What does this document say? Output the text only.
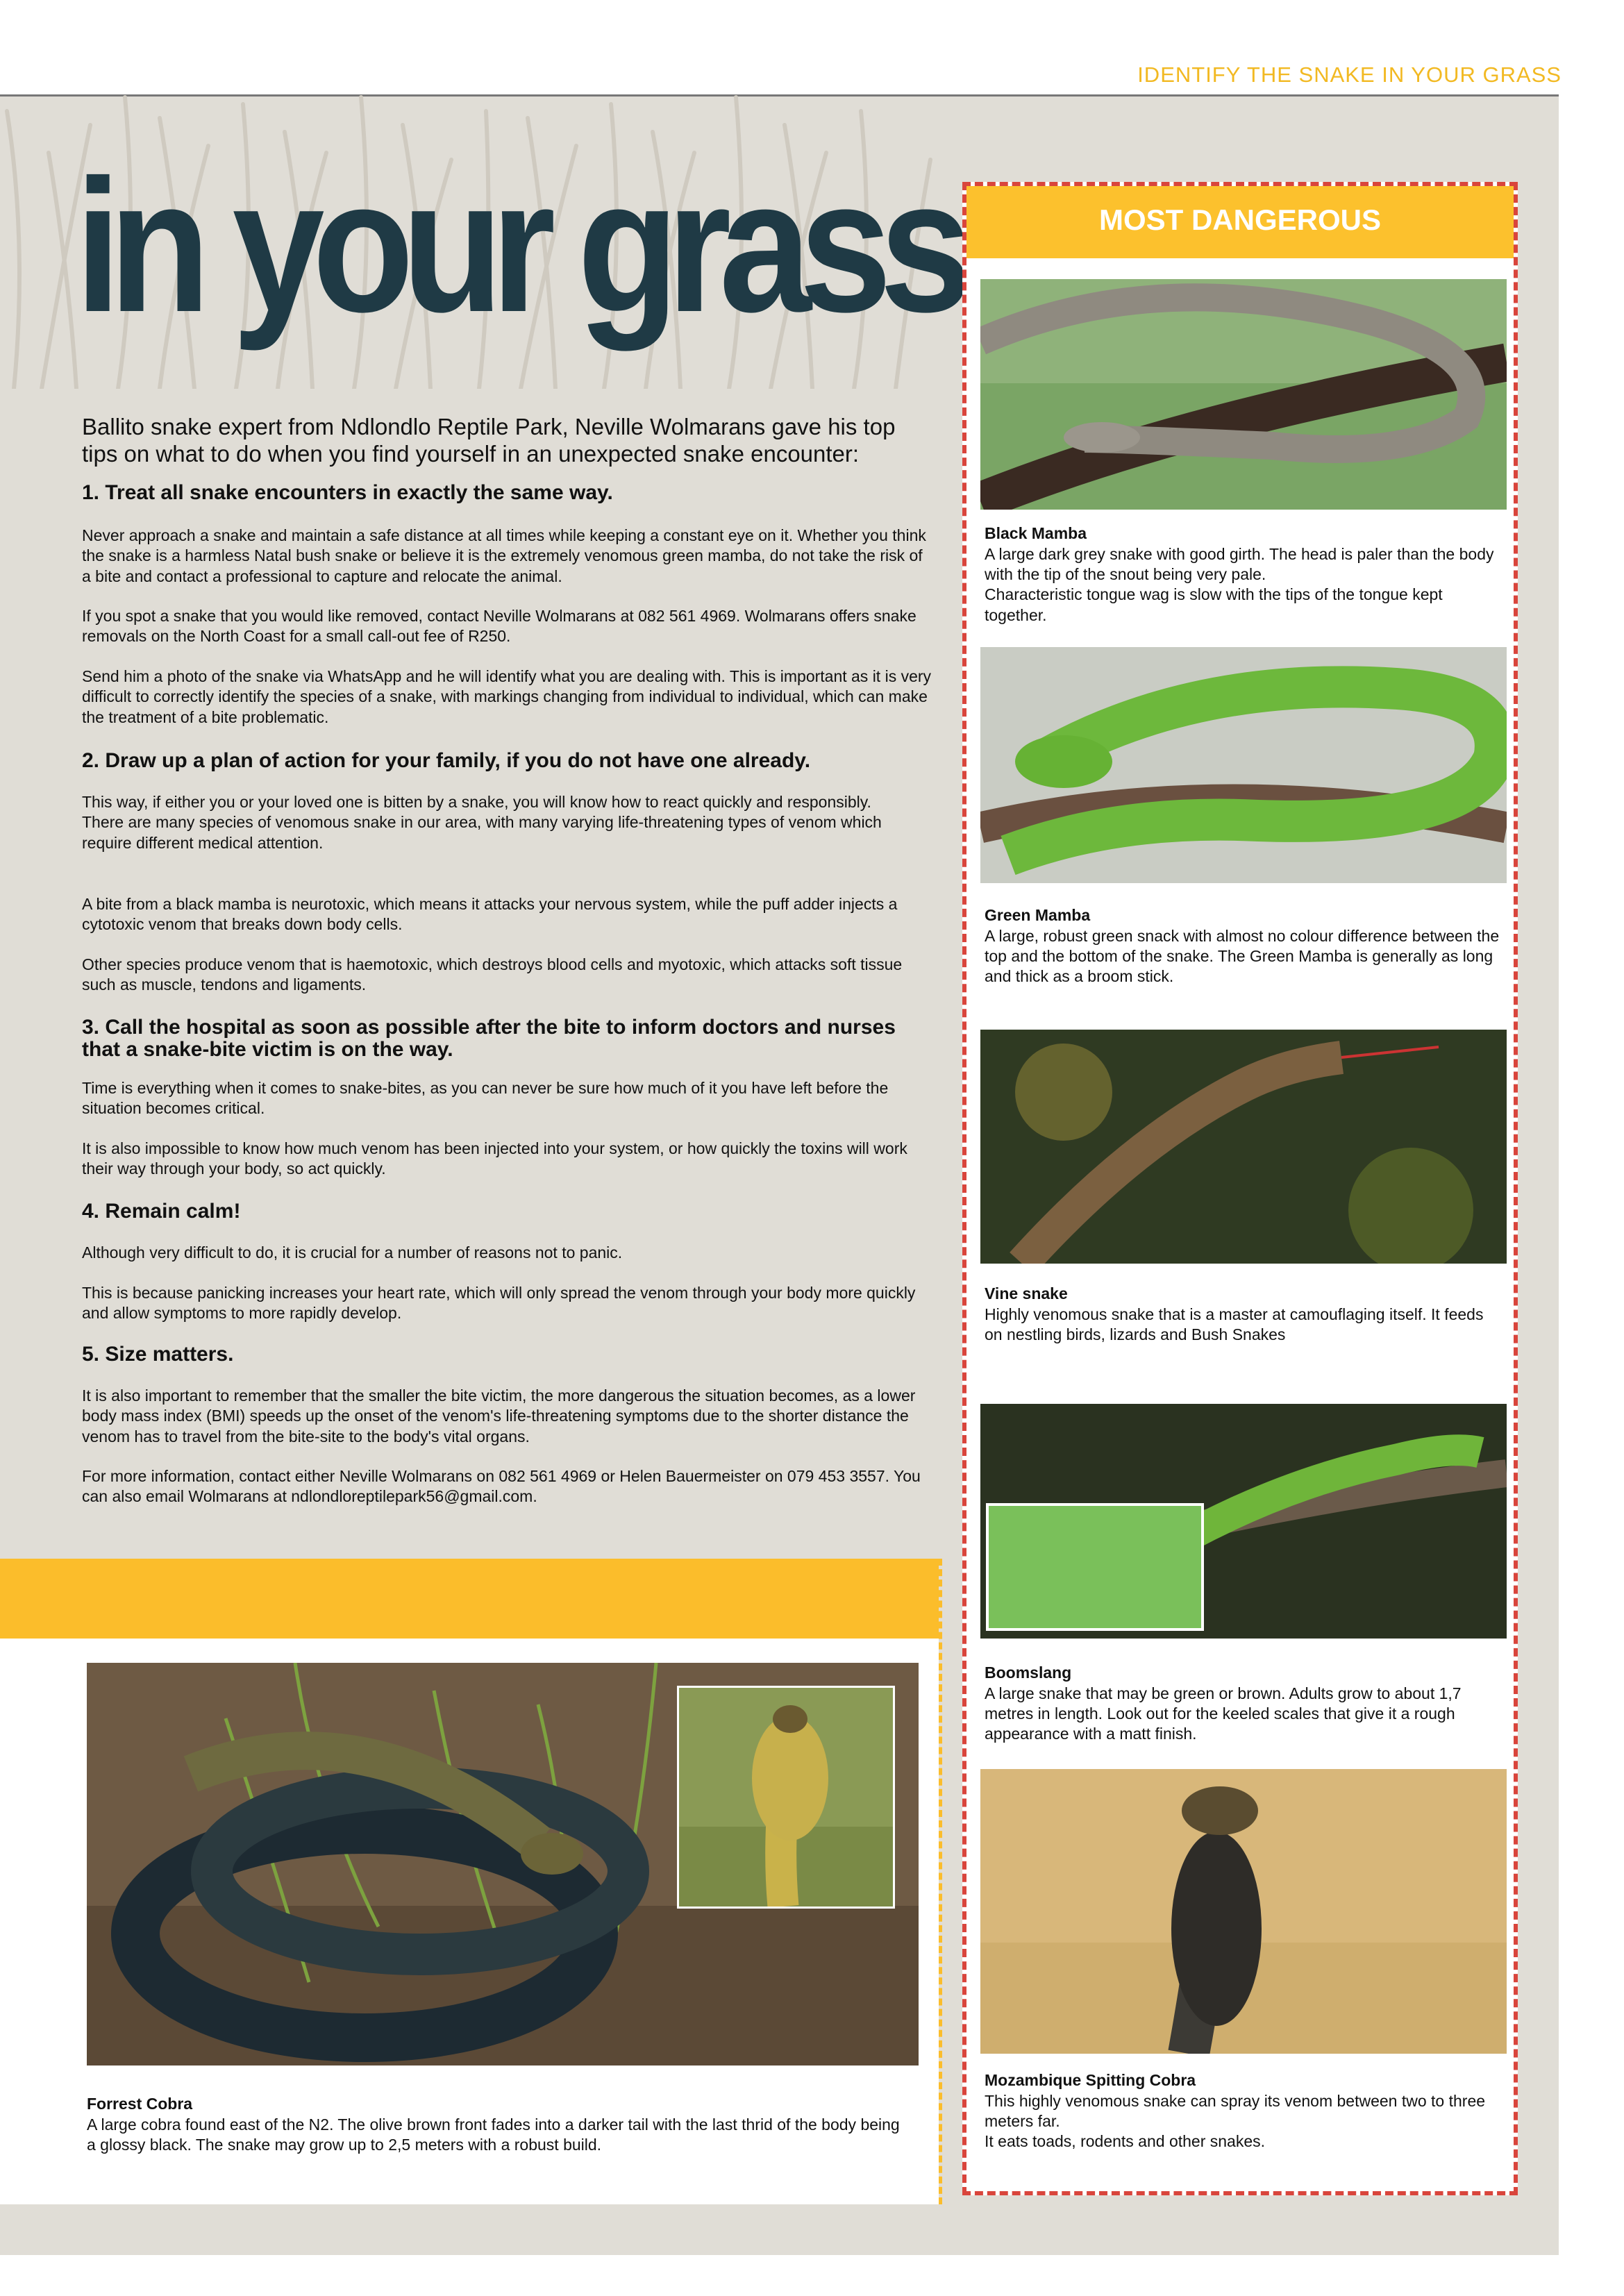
IDENTIFY THE SNAKE IN YOUR GRASS
in your grass
Ballito snake expert from Ndlondlo Reptile Park, Neville Wolmarans gave his top tips on what to do when you find yourself in an unexpected snake encounter:
1. Treat all snake encounters in exactly the same way.
Never approach a snake and maintain a safe distance at all times while keeping a constant eye on it. Whether you think the snake is a harmless Natal bush snake or believe it is the extremely venomous green mamba, do not take the risk of a bite and contact a professional to capture and relocate the animal.
If you spot a snake that you would like removed, contact Neville Wolmarans at 082 561 4969. Wolmarans offers snake removals on the North Coast for a small call-out fee of R250.
Send him a photo of the snake via WhatsApp and he will identify what you are dealing with. This is important as it is very difficult to correctly identify the species of a snake, with markings changing from individual to individual, which can make the treatment of a bite problematic.
2. Draw up a plan of action for your family, if you do not have one already.
This way, if either you or your loved one is bitten by a snake, you will know how to react quickly and responsibly.
There are many species of venomous snake in our area, with many varying life-threatening types of venom which require different medical attention.
A bite from a black mamba is neurotoxic, which means it attacks your nervous system, while the puff adder injects a cytotoxic venom that breaks down body cells.
Other species produce venom that is haemotoxic, which destroys blood cells and myotoxic, which attacks soft tissue such as muscle, tendons and ligaments.
3. Call the hospital as soon as possible after the bite to inform doctors and nurses that a snake-bite victim is on the way.
Time is everything when it comes to snake-bites, as you can never be sure how much of it you have left before the situation becomes critical.
It is also impossible to know how much venom has been injected into your system, or how quickly the toxins will work their way through your body, so act quickly.
4. Remain calm!
Although very difficult to do, it is crucial for a number of reasons not to panic.
This is because panicking increases your heart rate, which will only spread the venom through your body more quickly and allow symptoms to more rapidly develop.
5. Size matters.
It is also important to remember that the smaller the bite victim, the more dangerous the situation becomes, as a lower body mass index (BMI) speeds up the onset of the venom's life-threatening symptoms due to the shorter distance the venom has to travel from the bite-site to the body's vital organs.
For more information, contact either Neville Wolmarans on 082 561 4969 or Helen Bauermeister on 079 453 3557. You can also email Wolmarans at ndlondloreptilepark56@gmail.com.
Forrest Cobra
A large cobra found east of the N2. The olive brown front fades into a darker tail with the last thrid of the body being a glossy black. The snake may grow up to 2,5 meters with a robust build.
MOST DANGEROUS
Black Mamba
A large dark grey snake with good girth. The head is paler than the body with the tip of the snout being very pale.
Characteristic tongue wag is slow with the tips of the tongue kept together.
Green Mamba
A large, robust green snack with almost no colour difference between the top and the bottom of the snake. The Green Mamba is generally as long and thick as a broom stick.
Vine snake
Highly venomous snake that is a master at camouflaging itself. It feeds on nestling birds, lizards and Bush Snakes
Boomslang
A large snake that may be green or brown. Adults grow to about 1,7 metres in length. Look out for the keeled scales that give it a rough appearance with a matt finish.
Mozambique Spitting Cobra
This highly venomous snake can spray its venom between two to three meters far.
It eats toads, rodents and other snakes.
